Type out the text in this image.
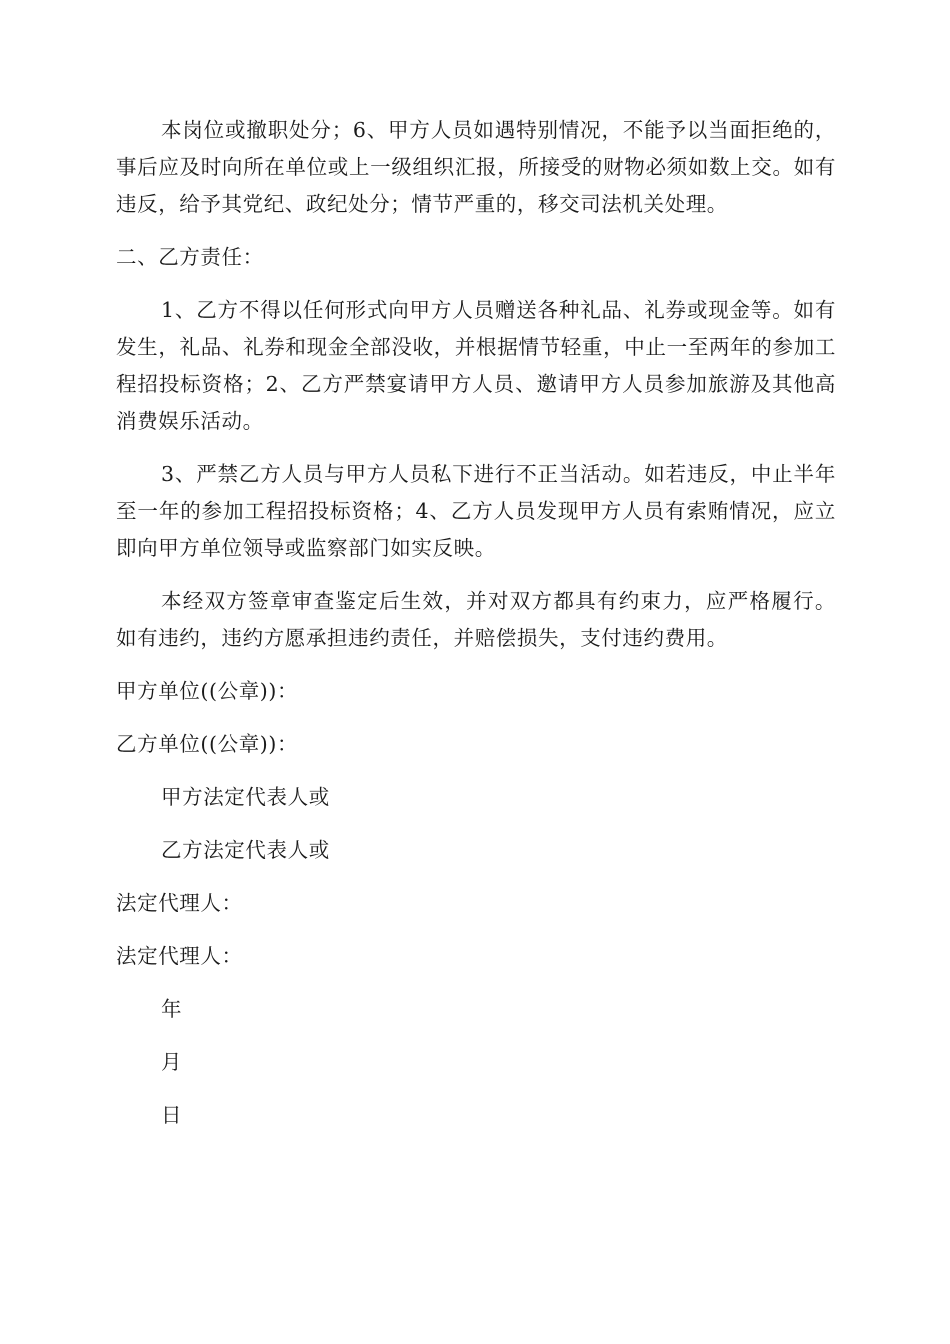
本岗位或撤职处分；6、甲方人员如遇特别情况，不能予以当面拒绝的，事后应及时向所在单位或上一级组织汇报，所接受的财物必须如数上交。如有违反，给予其党纪、政纪处分；情节严重的，移交司法机关处理。

二、乙方责任：

1、乙方不得以任何形式向甲方人员赠送各种礼品、礼券或现金等。如有发生，礼品、礼券和现金全部没收，并根据情节轻重，中止一至两年的参加工程招投标资格；2、乙方严禁宴请甲方人员、邀请甲方人员参加旅游及其他高消费娱乐活动。

3、严禁乙方人员与甲方人员私下进行不正当活动。如若违反，中止半年至一年的参加工程招投标资格；4、乙方人员发现甲方人员有索贿情况，应立即向甲方单位领导或监察部门如实反映。

本经双方签章审查鉴定后生效，并对双方都具有约束力，应严格履行。如有违约，违约方愿承担违约责任，并赔偿损失，支付违约费用。

甲方单位((公章))：

乙方单位((公章))：

甲方法定代表人或

乙方法定代表人或

法定代理人：

法定代理人：

年

月

日
